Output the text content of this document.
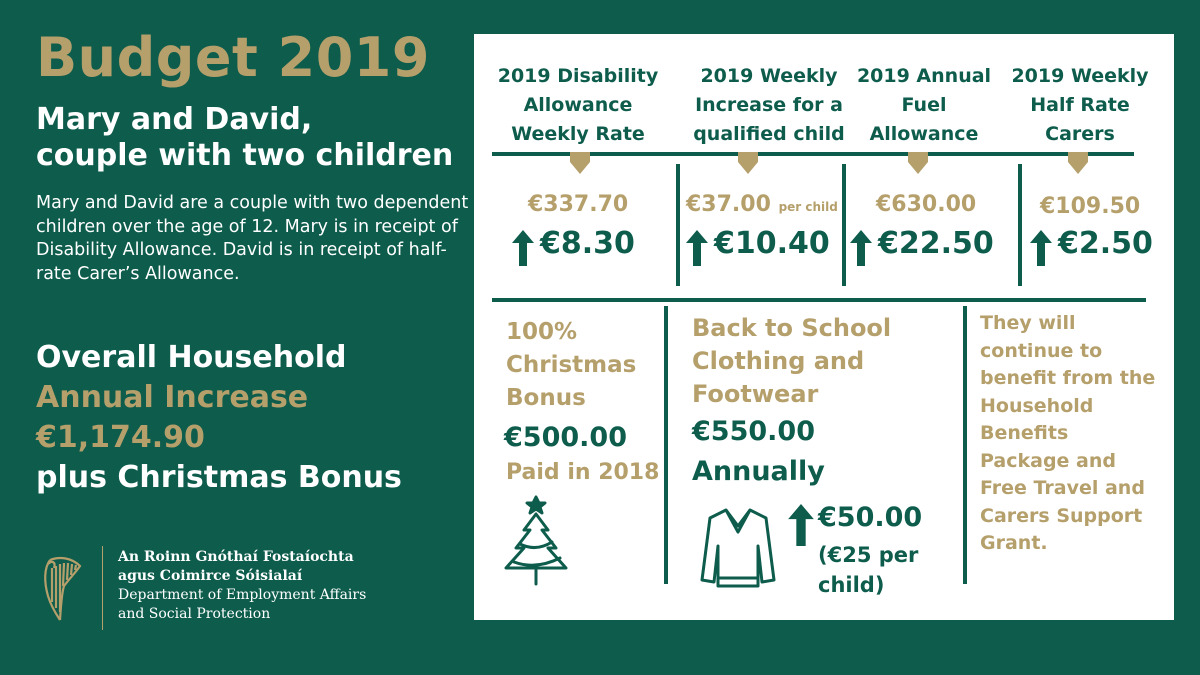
Budget 2019
Mary and David,
couple with two children
Mary and David are a couple with two dependent children over the age of 12. Mary is in receipt of Disability Allowance. David is in receipt of half-rate Carer’s Allowance.
Overall Household
Annual Increase
€1,174.90
plus Christmas Bonus
An Roinn Gnóthaí Fostaíochta
agus Coimirce Sóisialaí
Department of Employment Affairs
and Social Protection
2019 Disability Allowance Weekly Rate
2019 Weekly Increase for a qualified child
2019 Annual Fuel Allowance
2019 Weekly Half Rate Carers
€337.70
€8.30
€37.00 per child
€10.40
€630.00
€22.50
€109.50
€2.50
100% Christmas Bonus
€500.00
Paid in 2018
Back to School Clothing and Footwear
€550.00
Annually
€50.00
(€25 per child)
They will continue to benefit from the Household Benefits Package and Free Travel and Carers Support Grant.
